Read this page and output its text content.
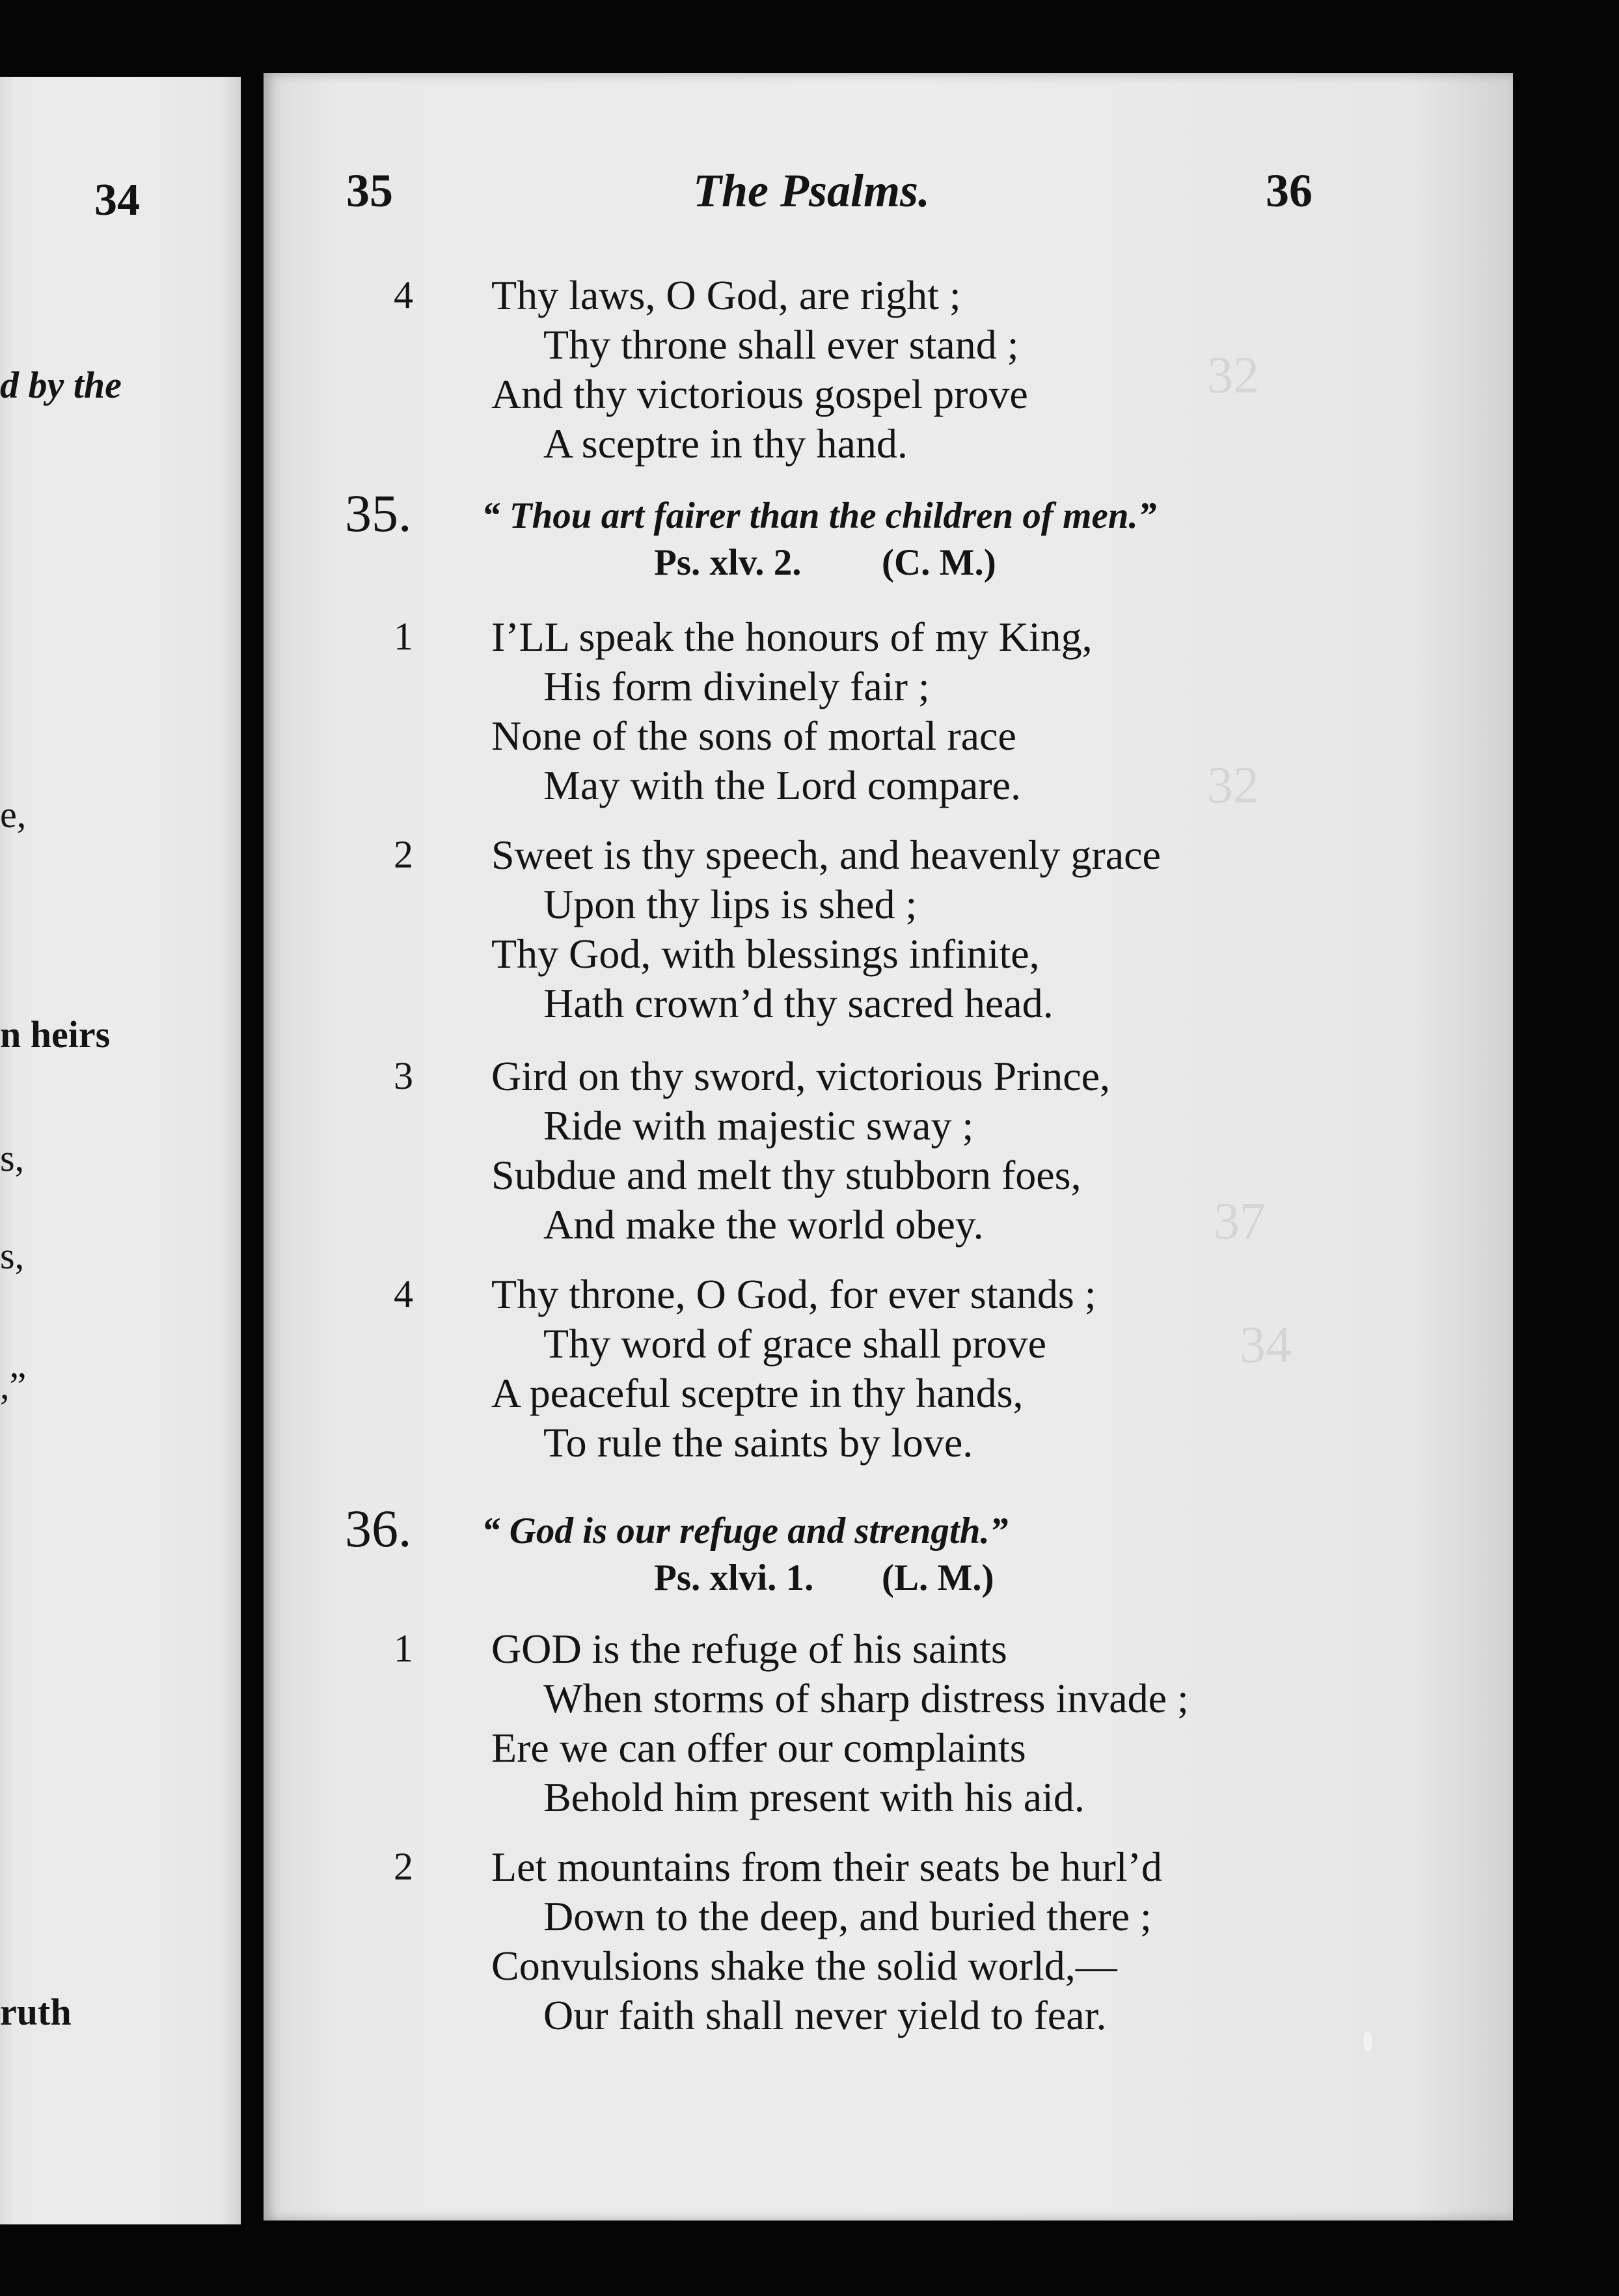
34
d by the
e,
n heirs
s,
s,
,”
ruth
32
32
37
34
35	The Psalms.	36
4 Thy laws, O God, are right ;
Thy throne shall ever stand ;
And thy victorious gospel prove
A sceptre in thy hand.
35. “ Thou art fairer than the children of men.”
Ps. xlv. 2. (C. M.)
1 I’LL speak the honours of my King,
His form divinely fair ;
None of the sons of mortal race
May with the Lord compare.
2 Sweet is thy speech, and heavenly grace
Upon thy lips is shed ;
Thy God, with blessings infinite,
Hath crown’d thy sacred head.
3 Gird on thy sword, victorious Prince,
Ride with majestic sway ;
Subdue and melt thy stubborn foes,
And make the world obey.
4 Thy throne, O God, for ever stands ;
Thy word of grace shall prove
A peaceful sceptre in thy hands,
To rule the saints by love.
36. “ God is our refuge and strength.”
Ps. xlvi. 1. (L. M.)
1 GOD is the refuge of his saints
When storms of sharp distress invade ;
Ere we can offer our complaints
Behold him present with his aid.
2 Let mountains from their seats be hurl’d
Down to the deep, and buried there ;
Convulsions shake the solid world,—
Our faith shall never yield to fear.
